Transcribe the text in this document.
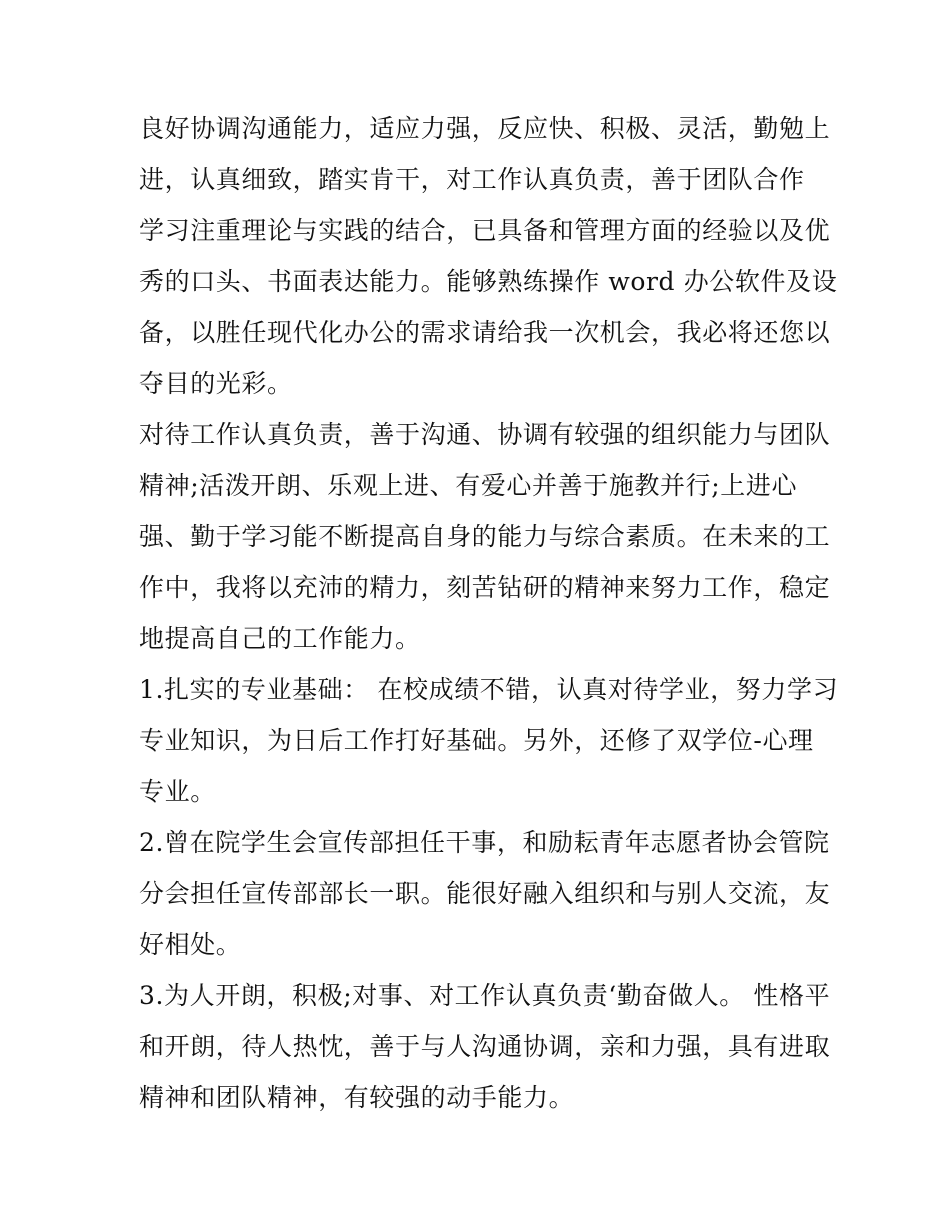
良好协调沟通能力，适应力强，反应快、积极、灵活，勤勉上
进，认真细致，踏实肯干，对工作认真负责，善于团队合作
学习注重理论与实践的结合，已具备和管理方面的经验以及优
秀的口头、书面表达能力。能够熟练操作 word 办公软件及设
备，以胜任现代化办公的需求请给我一次机会，我必将还您以
夺目的光彩。
对待工作认真负责，善于沟通、协调有较强的组织能力与团队
精神;活泼开朗、乐观上进、有爱心并善于施教并行;上进心
强、勤于学习能不断提高自身的能力与综合素质。在未来的工
作中，我将以充沛的精力，刻苦钻研的精神来努力工作，稳定
地提高自己的工作能力。
1.扎实的专业基础： 在校成绩不错，认真对待学业，努力学习
专业知识，为日后工作打好基础。另外，还修了双学位-心理
专业。
2.曾在院学生会宣传部担任干事，和励耘青年志愿者协会管院
分会担任宣传部部长一职。能很好融入组织和与别人交流，友
好相处。
3.为人开朗，积极;对事、对工作认真负责‘勤奋做人。 性格平
和开朗，待人热忱，善于与人沟通协调，亲和力强，具有进取
精神和团队精神，有较强的动手能力。
